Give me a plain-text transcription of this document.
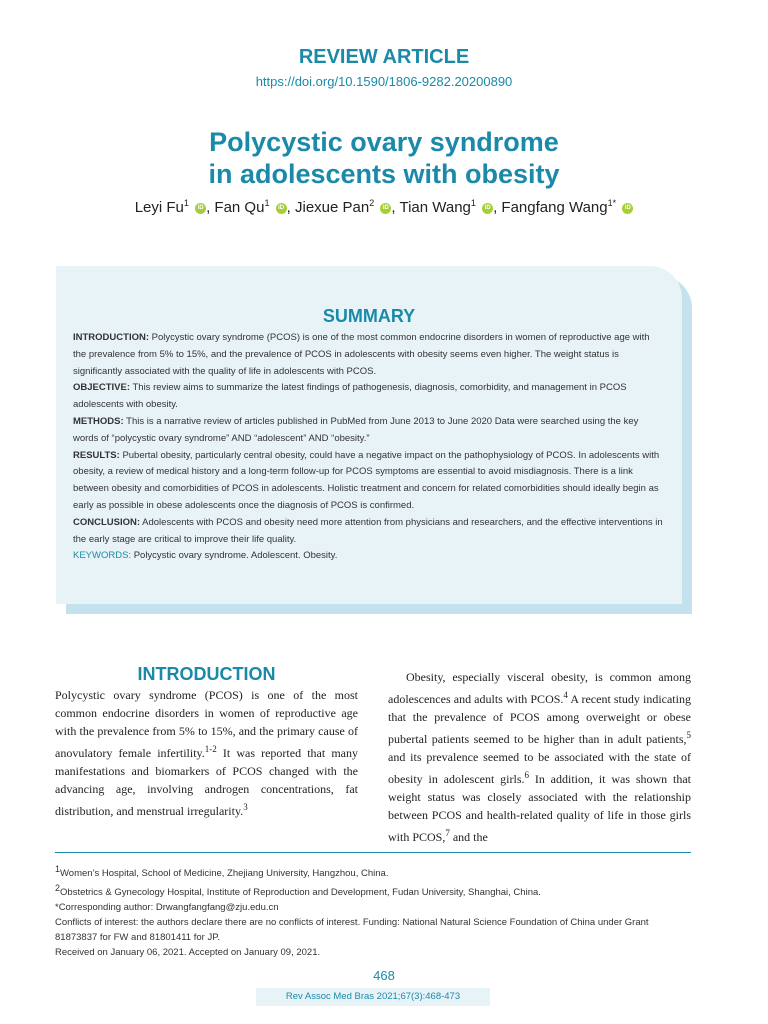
REVIEW ARTICLE
https://doi.org/10.1590/1806-9282.20200890
Polycystic ovary syndrome
in adolescents with obesity
Leyi Fu$^1$ iD , Fan Qu$^1$ iD , Jiexue Pan$^2$ iD , Tian Wang$^1$ iD , Fangfang Wang$^{1*}$ iD
SUMMARY

INTRODUCTION: Polycystic ovary syndrome (PCOS) is one of the most common endocrine disorders in women of reproductive age with the prevalence from 5% to 15%, and the prevalence of PCOS in adolescents with obesity seems even higher. The weight status is significantly associated with the quality of life in adolescents with PCOS.

OBJECTIVE: This review aims to summarize the latest findings of pathogenesis, diagnosis, comorbidity, and management in PCOS adolescents with obesity.

METHODS: This is a narrative review of articles published in PubMed from June 2013 to June 2020 Data were searched using the key words of “polycystic ovary syndrome” AND “adolescent” AND “obesity.”

RESULTS: Pubertal obesity, particularly central obesity, could have a negative impact on the pathophysiology of PCOS. In adolescents with obesity, a review of medical history and a long-term follow-up for PCOS symptoms are essential to avoid misdiagnosis. There is a link between obesity and comorbidities of PCOS in adolescents. Holistic treatment and concern for related comorbidities should ideally begin as early as possible in obese adolescents once the diagnosis of PCOS is confirmed.

CONCLUSION: Adolescents with PCOS and obesity need more attention from physicians and researchers, and the effective interventions in the early stage are critical to improve their life quality.

KEYWORDS: Polycystic ovary syndrome. Adolescent. Obesity.

INTRODUCTION

Polycystic ovary syndrome (PCOS) is one of the most common endocrine disorders in women of reproductive age with the prevalence from 5% to 15%, and the primary cause of anovulatory female infertility.$^{1-2}$ It was reported that many manifestations and biomarkers of PCOS changed with the advancing age, involving androgen concentrations, fat distribution, and menstrual irregularity.$^3$

Obesity, especially visceral obesity, is common among adolescences and adults with PCOS.$^4$ A recent study indicating that the prevalence of PCOS among overweight or obese pubertal patients seemed to be higher than in adult patients,$^5$ and its prevalence seemed to be associated with the state of obesity in adolescent girls.$^6$ In addition, it was shown that weight status was closely associated with the relationship between PCOS and health-related quality of life in those girls with PCOS,$^7$ and the

$^1$Women’s Hospital, School of Medicine, Zhejiang University, Hangzhou, China.

$^2$Obstetrics & Gynecology Hospital, Institute of Reproduction and Development, Fudan University, Shanghai, China.

*Corresponding author: Drwangfangfang@zju.edu.cn

Conflicts of interest: the authors declare there are no conflicts of interest. Funding: National Natural Science Foundation of China under Grant 81873837 for FW and 81801411 for JP.

Received on January 06, 2021. Accepted on January 09, 2021.

468
Rev Assoc Med Bras 2021;67(3):468-473
